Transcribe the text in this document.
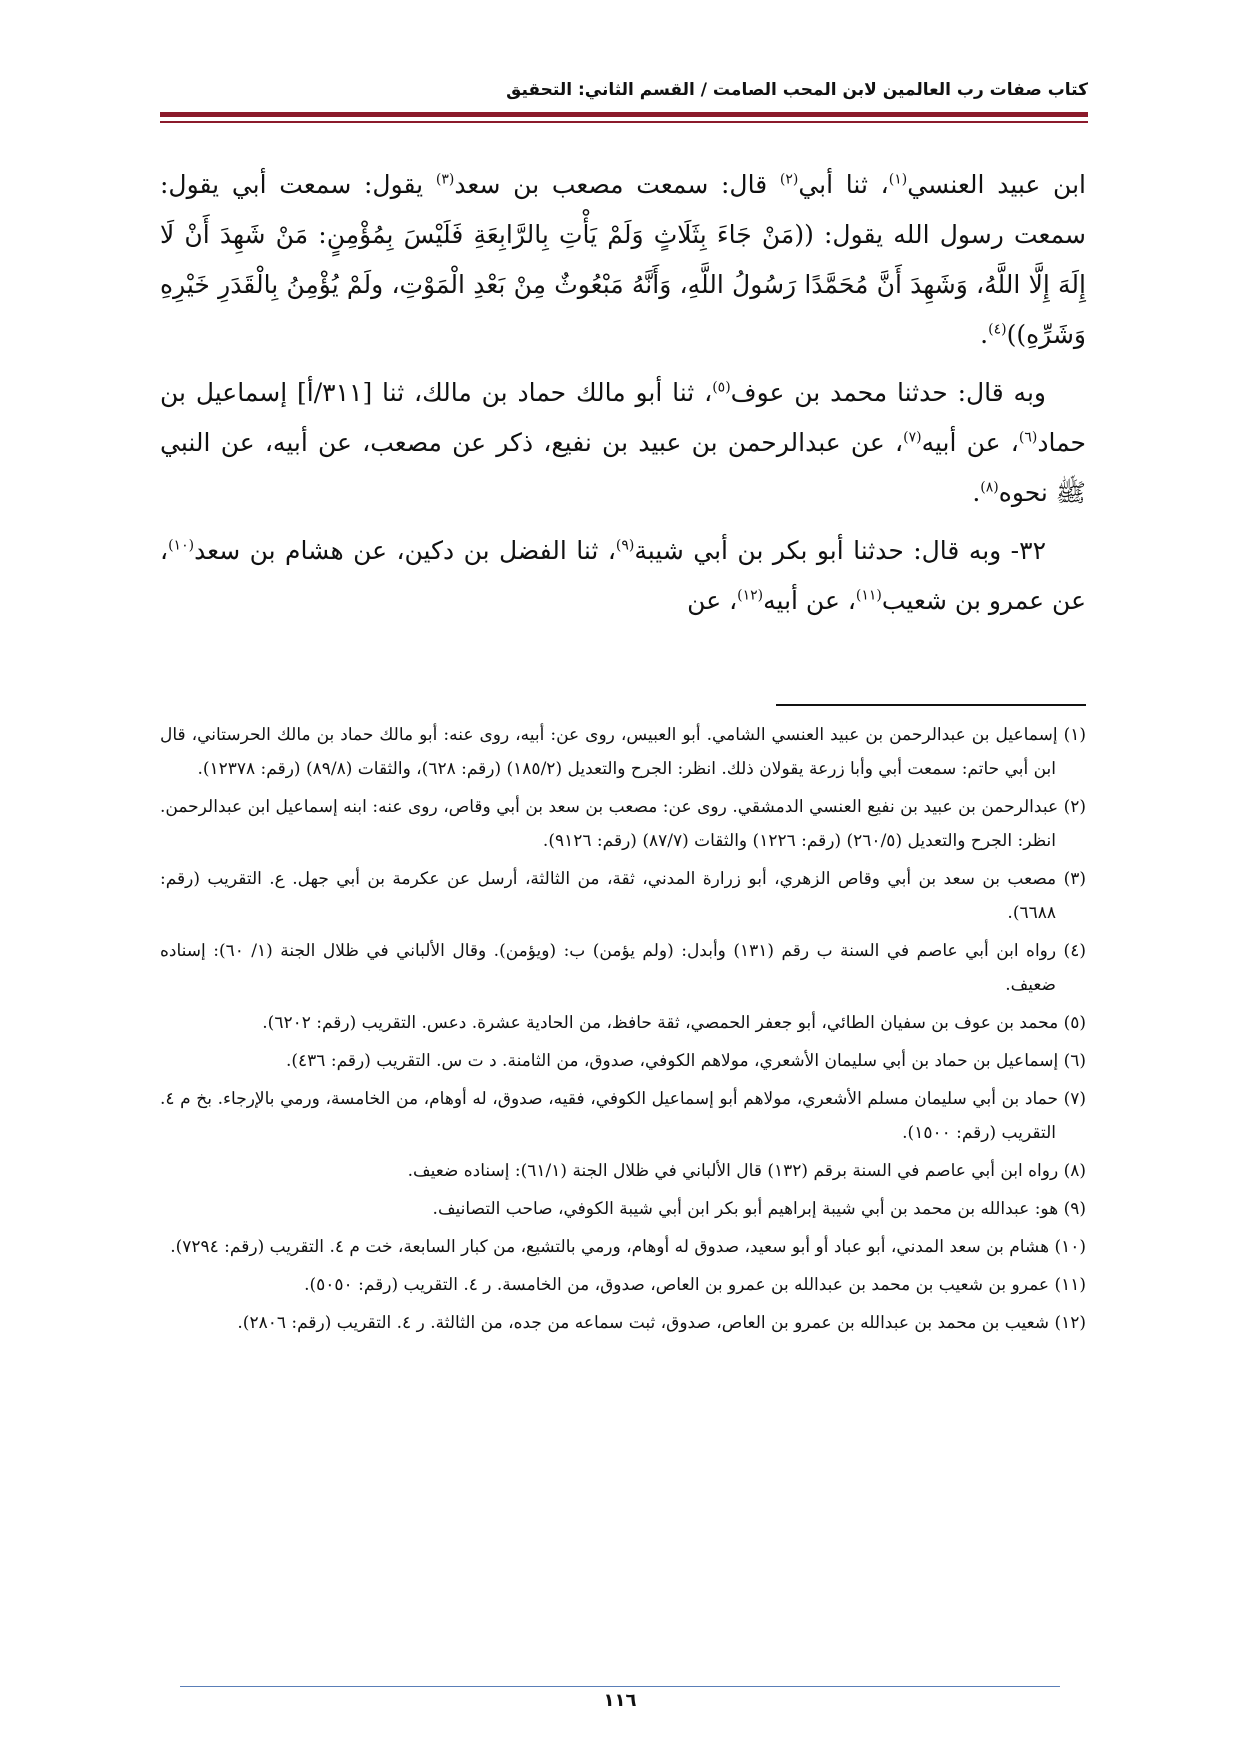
كتاب صفات رب العالمين لابن المحب الصامت / القسم الثاني: التحقيق

ابن عبيد العنسي$^{(١)}$، ثنا أبي$^{(٢)}$ قال: سمعت مصعب بن سعد$^{(٣)}$ يقول: سمعت أبي يقول: سمعت رسول الله يقول: ((مَنْ جَاءَ بِثَلَاثٍ وَلَمْ يَأْتِ بِالرَّابِعَةِ فَلَيْسَ بِمُؤْمِنٍ: مَنْ شَهِدَ أَنْ لَا إِلَهَ إِلَّا اللَّهُ، وَشَهِدَ أَنَّ مُحَمَّدًا رَسُولُ اللَّهِ، وَأَنَّهُ مَبْعُوثٌ مِنْ بَعْدِ الْمَوْتِ، ولَمْ يُؤْمِنُ بِالْقَدَرِ خَيْرِهِ وَشَرِّهِ))$^{(٤)}$.

وبه قال: حدثنا محمد بن عوف$^{(٥)}$، ثنا أبو مالك حماد بن مالك، ثنا [٣١١/أ] إسماعيل بن حماد$^{(٦)}$، عن أبيه$^{(٧)}$، عن عبدالرحمن بن عبيد بن نفيع، ذكر عن مصعب، عن أبيه، عن النبي ﷺ نحوه$^{(٨)}$.

٣٢- وبه قال: حدثنا أبو بكر بن أبي شيبة$^{(٩)}$، ثنا الفضل بن دكين، عن هشام بن سعد$^{(١٠)}$، عن عمرو بن شعيب$^{(١١)}$، عن أبيه$^{(١٢)}$، عن

(١) إسماعيل بن عبدالرحمن بن عبيد العنسي الشامي. أبو العبيس، روى عن: أبيه، روى عنه: أبو مالك حماد بن مالك الحرستاني، قال ابن أبي حاتم: سمعت أبي وأبا زرعة يقولان ذلك. انظر: الجرح والتعديل (١٨٥/٢) (رقم: ٦٢٨)، والثقات (٨٩/٨) (رقم: ١٢٣٧٨).

(٢) عبدالرحمن بن عبيد بن نفيع العنسي الدمشقي. روى عن: مصعب بن سعد بن أبي وقاص، روى عنه: ابنه إسماعيل ابن عبدالرحمن. انظر: الجرح والتعديل (٢٦٠/٥) (رقم: ١٢٢٦) والثقات (٨٧/٧) (رقم: ٩١٢٦).

(٣) مصعب بن سعد بن أبي وقاص الزهري، أبو زرارة المدني، ثقة، من الثالثة، أرسل عن عكرمة بن أبي جهل. ع. التقريب (رقم: ٦٦٨٨).

(٤) رواه ابن أبي عاصم في السنة ب رقم (١٣١) وأبدل: (ولم يؤمن) ب: (ويؤمن). وقال الألباني في ظلال الجنة (١/ ٦٠): إسناده ضعيف.

(٥) محمد بن عوف بن سفيان الطائي، أبو جعفر الحمصي، ثقة حافظ، من الحادية عشرة. دعس. التقريب (رقم: ٦٢٠٢).

(٦) إسماعيل بن حماد بن أبي سليمان الأشعري، مولاهم الكوفي، صدوق، من الثامنة. د ت س. التقريب (رقم: ٤٣٦).

(٧) حماد بن أبي سليمان مسلم الأشعري، مولاهم أبو إسماعيل الكوفي، فقيه، صدوق، له أوهام، من الخامسة، ورمي بالإرجاء. بخ م ٤. التقريب (رقم: ١٥٠٠).

(٨) رواه ابن أبي عاصم في السنة برقم (١٣٢) قال الألباني في ظلال الجنة (٦١/١): إسناده ضعيف.

(٩) هو: عبدالله بن محمد بن أبي شيبة إبراهيم أبو بكر ابن أبي شيبة الكوفي، صاحب التصانيف.

(١٠) هشام بن سعد المدني، أبو عباد أو أبو سعيد، صدوق له أوهام، ورمي بالتشيع، من كبار السابعة، خت م ٤. التقريب (رقم: ٧٢٩٤).

(١١) عمرو بن شعيب بن محمد بن عبدالله بن عمرو بن العاص، صدوق، من الخامسة. ر ٤. التقريب (رقم: ٥٠٥٠).

(١٢) شعيب بن محمد بن عبدالله بن عمرو بن العاص، صدوق، ثبت سماعه من جده، من الثالثة. ر ٤. التقريب (رقم: ٢٨٠٦).

١١٦
